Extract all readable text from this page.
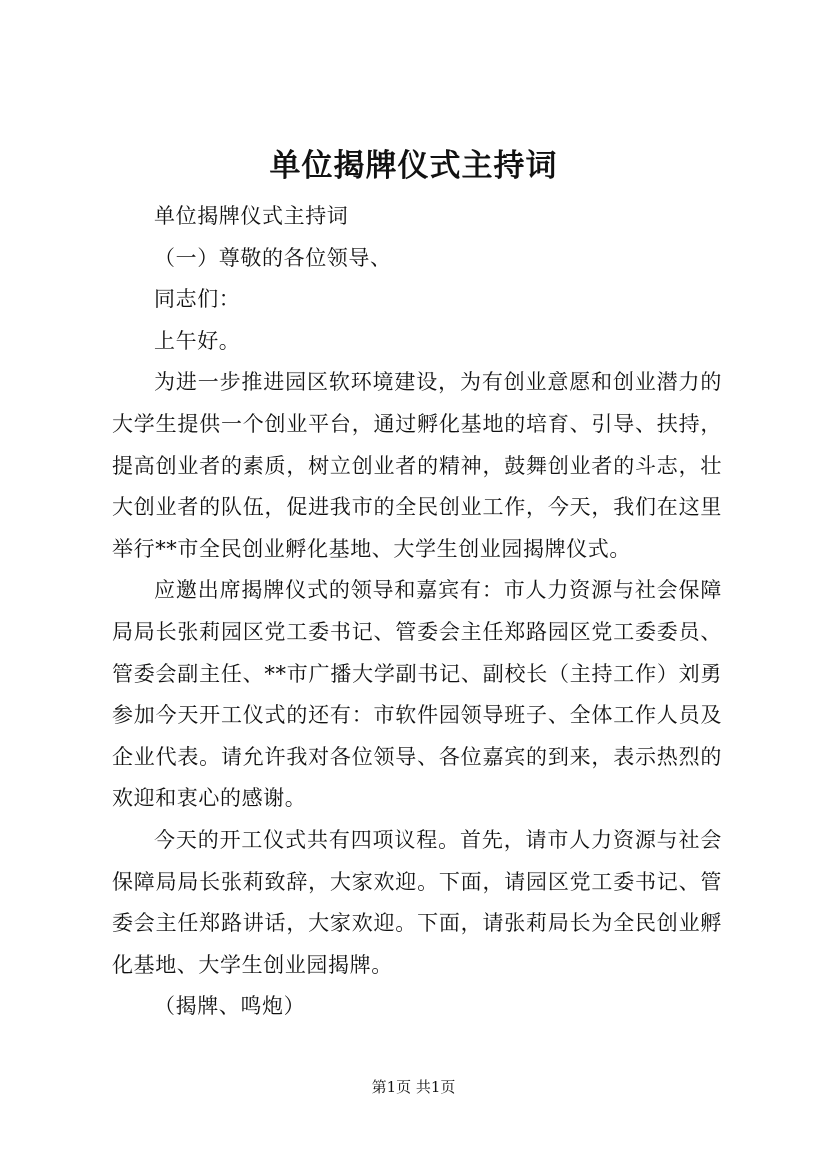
单位揭牌仪式主持词

单位揭牌仪式主持词

（一）尊敬的各位领导、

同志们：

上午好。

为进一步推进园区软环境建设，为有创业意愿和创业潜力的大学生提供一个创业平台，通过孵化基地的培育、引导、扶持，提高创业者的素质，树立创业者的精神，鼓舞创业者的斗志，壮大创业者的队伍，促进我市的全民创业工作，今天，我们在这里举行**市全民创业孵化基地、大学生创业园揭牌仪式。

应邀出席揭牌仪式的领导和嘉宾有：市人力资源与社会保障局局长张莉园区党工委书记、管委会主任郑路园区党工委委员、管委会副主任、**市广播大学副书记、副校长（主持工作）刘勇参加今天开工仪式的还有：市软件园领导班子、全体工作人员及企业代表。请允许我对各位领导、各位嘉宾的到来，表示热烈的欢迎和衷心的感谢。

今天的开工仪式共有四项议程。首先，请市人力资源与社会保障局局长张莉致辞，大家欢迎。下面，请园区党工委书记、管委会主任郑路讲话，大家欢迎。下面，请张莉局长为全民创业孵化基地、大学生创业园揭牌。

（揭牌、鸣炮）

第1页 共1页
